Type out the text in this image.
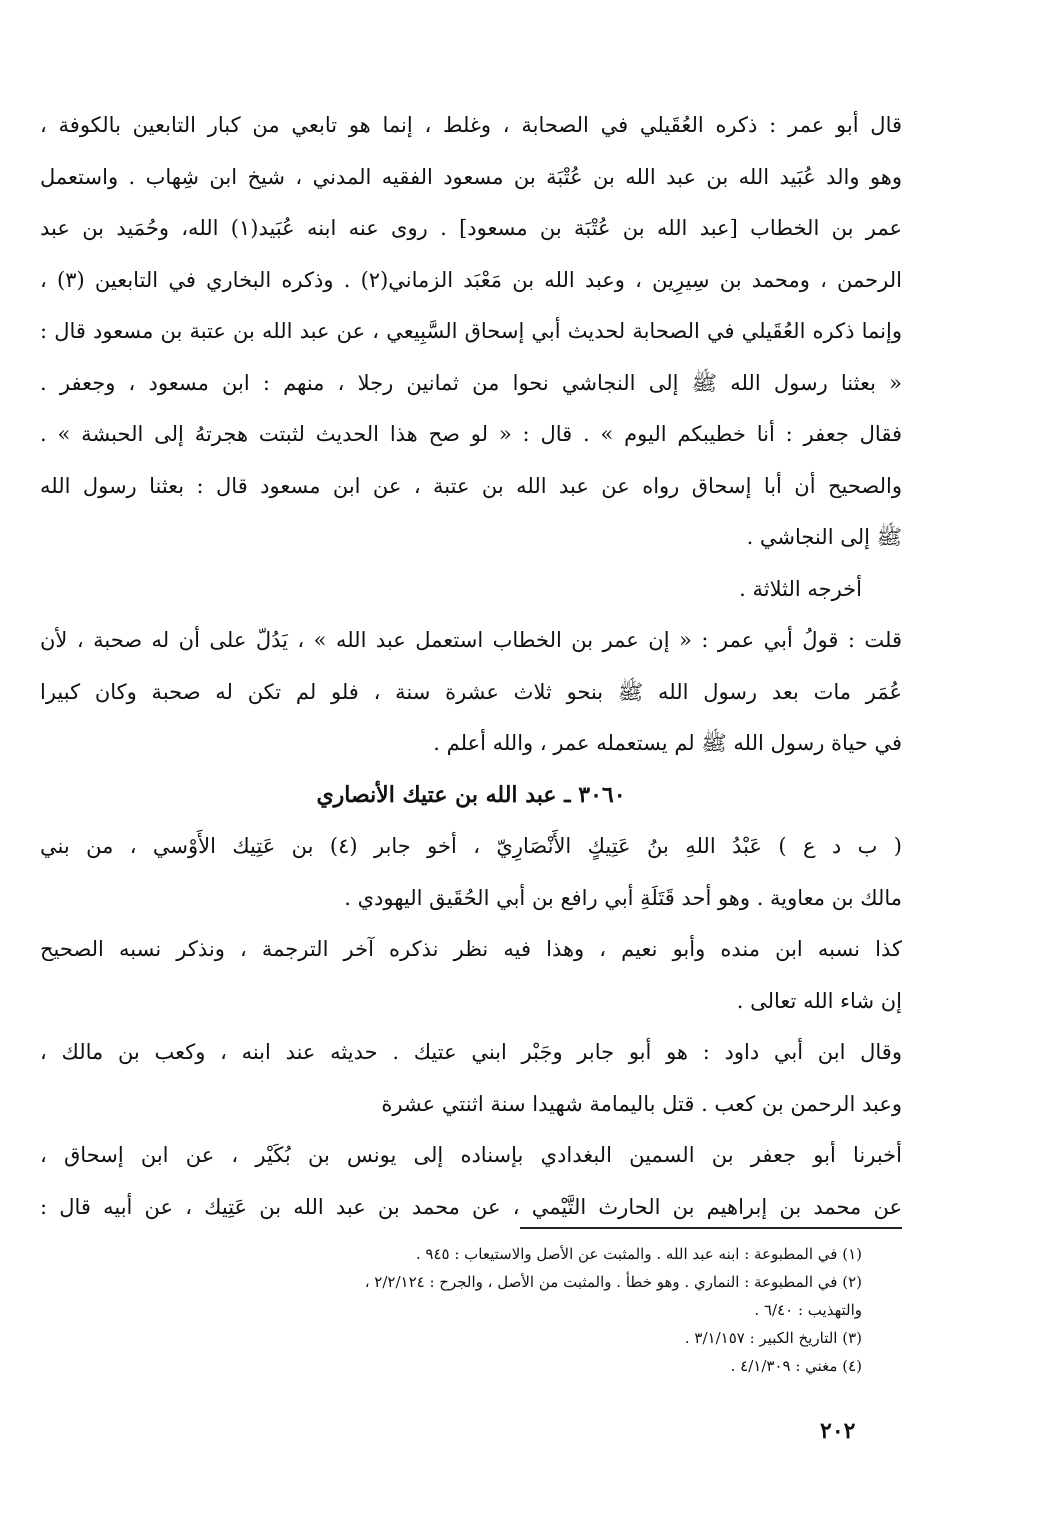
قال أبو عمر : ذكره العُقَيلي في الصحابة ، وغلط ، إنما هو تابعي من كبار التابعين بالكوفة ،
وهو والد عُبَيد الله بن عبد الله بن عُتْبَة بن مسعود الفقيه المدني ، شيخ ابن شِهاب . واستعمل
عمر بن الخطاب [عبد الله بن عُتْبَة بن مسعود] . روى عنه ابنه عُبَيد(١) الله، وحُمَيد بن عبد
الرحمن ، ومحمد بن سِيرِين ، وعبد الله بن مَعْبَد الزماني(٢) . وذكره البخاري في التابعين (٣) ،
وإنما ذكره العُقَيلي في الصحابة لحديث أبي إسحاق السَّبِيعي ، عن عبد الله بن عتبة بن مسعود قال :
« بعثنا رسول الله ﷺ إلى النجاشي نحوا من ثمانين رجلا ، منهم : ابن مسعود ، وجعفر .
فقال جعفر : أنا خطيبكم اليوم » . قال : « لو صح هذا الحديث لثبتت هجرتهُ إلى الحبشة » .
والصحيح أن أبا إسحاق رواه عن عبد الله بن عتبة ، عن ابن مسعود قال : بعثنا رسول الله
ﷺ إلى النجاشي .
أخرجه الثلاثة .
قلت : قولُ أبي عمر : « إن عمر بن الخطاب استعمل عبد الله » ، يَدُلّ على أن له صحبة ، لأن
عُمَر مات بعد رسول الله ﷺ بنحو ثلاث عشرة سنة ، فلو لم تكن له صحبة وكان كبيرا
في حياة رسول الله ﷺ لم يستعمله عمر ، والله أعلم .
٣٠٦٠ ـ عبد الله بن عتيك الأنصاري
( ب د ع ) عَبْدُ اللهِ بنُ عَتِيكٍ الأَنْصَارِيّ ، أخو جابر (٤) بن عَتِيك الأَوْسي ، من بني
مالك بن معاوية . وهو أحد قَتَلَةِ أبي رافع بن أبي الحُقَيق اليهودي .
كذا نسبه ابن منده وأبو نعيم ، وهذا فيه نظر نذكره آخر الترجمة ، ونذكر نسبه الصحيح
إن شاء الله تعالى .
وقال ابن أبي داود : هو أبو جابر وجَبْر ابني عتيك . حديثه عند ابنه ، وكعب بن مالك ،
وعبد الرحمن بن كعب . قتل باليمامة شهيدا سنة اثنتي عشرة
أخبرنا أبو جعفر بن السمين البغدادي بإسناده إلى يونس بن بُكَيْر ، عن ابن إسحاق ،
عن محمد بن إبراهيم بن الحارث التَّيْمي ، عن محمد بن عبد الله بن عَتِيك ، عن أبيه قال :
(١) في المطبوعة : ابنه عبد الله . والمثبت عن الأصل والاستيعاب : ٩٤٥ .
(٢) في المطبوعة : النماري . وهو خطأ . والمثبت من الأصل ، والجرح : ٢/٢/١٢٤ ،
والتهذيب : ٦/٤٠ .
(٣) التاريخ الكبير : ٣/١/١٥٧ .
(٤) مغني : ٤/١/٣٠٩ .
٢٠٢
